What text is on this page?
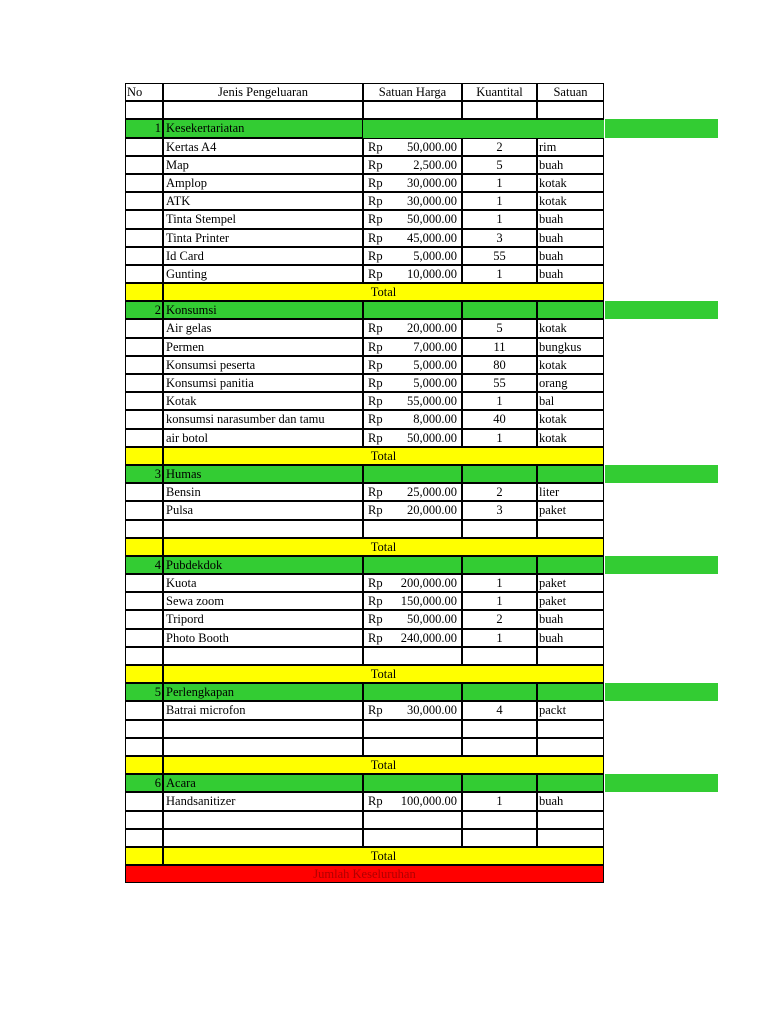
No	Jenis Pengeluaran	Satuan Harga	Kuantital	Satuan
1 Kesekertariatan
Kertas A4	Rp 50,000.00	2	rim
Map	Rp 2,500.00	5	buah
Amplop	Rp 30,000.00	1	kotak
ATK	Rp 30,000.00	1	kotak
Tinta Stempel	Rp 50,000.00	1	buah
Tinta Printer	Rp 45,000.00	3	buah
Id Card	Rp 5,000.00	55	buah
Gunting	Rp 10,000.00	1	buah
Total
2 Konsumsi
Air gelas	Rp 20,000.00	5	kotak
Permen	Rp 7,000.00	11	bungkus
Konsumsi peserta	Rp 5,000.00	80	kotak
Konsumsi panitia	Rp 5,000.00	55	orang
Kotak	Rp 55,000.00	1	bal
konsumsi narasumber dan tamu	Rp 8,000.00	40	kotak
air botol	Rp 50,000.00	1	kotak
Total
3 Humas
Bensin	Rp 25,000.00	2	liter
Pulsa	Rp 20,000.00	3	paket
Total
4 Pubdekdok
Kuota	Rp 200,000.00	1	paket
Sewa zoom	Rp 150,000.00	1	paket
Tripord	Rp 50,000.00	2	buah
Photo Booth	Rp 240,000.00	1	buah
Total
5 Perlengkapan
Batrai microfon	Rp 30,000.00	4	packt
Total
6 Acara
Handsanitizer	Rp 100,000.00	1	buah
Total
Jumlah Keseluruhan
